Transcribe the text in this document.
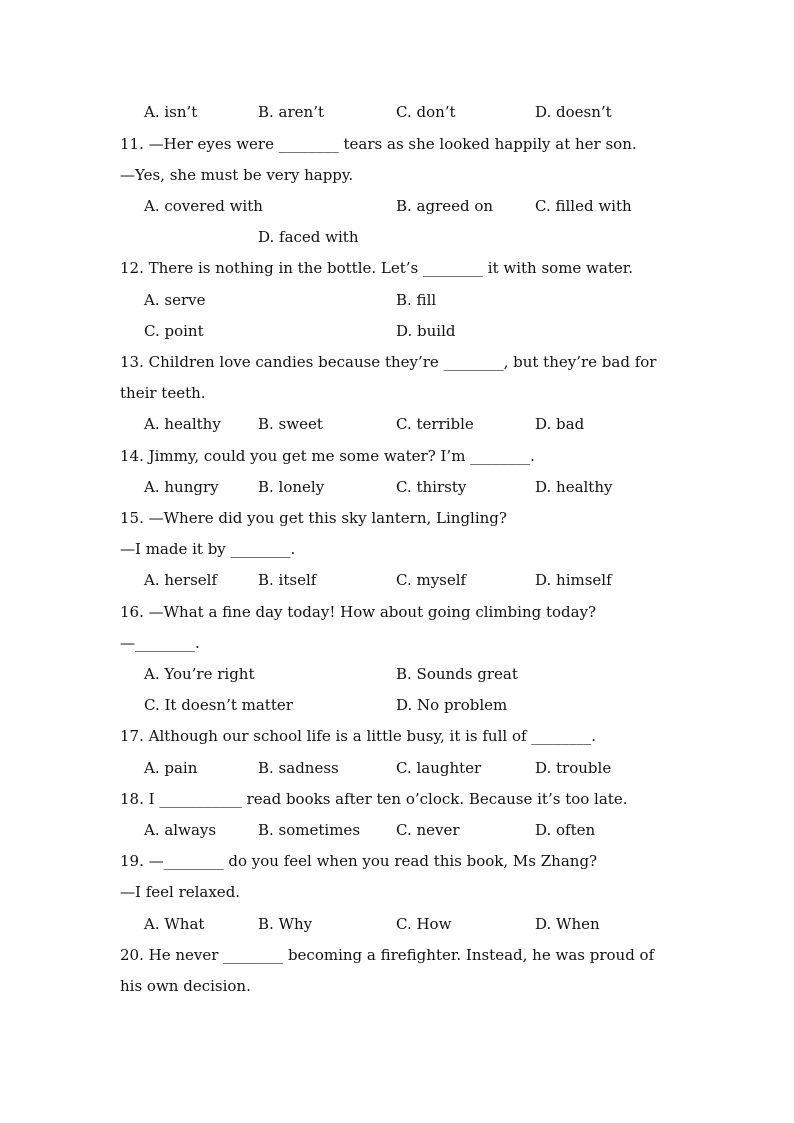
A. isn’t	B. aren’t	C. don’t	D. doesn’t
11. —Her eyes were ________ tears as she looked happily at her son.
—Yes, she must be very happy.
A. covered with	B. agreed on	C. filled with
D. faced with
12. There is nothing in the bottle. Let’s ________ it with some water.
A. serve	B. fill
C. point	D. build
13. Children love candies because they’re ________, but they’re bad for
their teeth.
A. healthy B. sweet	C. terrible	D. bad
14. Jimmy, could you get me some water? I’m ________.
A. hungry	B. lonely	C. thirsty	D. healthy
15. —Where did you get this sky lantern, Lingling?
—I made it by ________.
A. herself	B. itself	C. myself	D. himself
16. —What a fine day today! How about going climbing today?
—________.
A. You’re right	B. Sounds great
C. It doesn’t matter	D. No problem
17. Although our school life is a little busy, it is full of ________.
A. pain	B. sadness	C. laughter	D. trouble
18. I ___________ read books after ten o’clock. Because it’s too late.
A. always	B. sometimes C. never	D. often
19. —________ do you feel when you read this book, Ms Zhang?
—I feel relaxed.
A. What	B. Why	C. How	D. When
20. He never ________ becoming a firefighter. Instead, he was proud of
his own decision.
